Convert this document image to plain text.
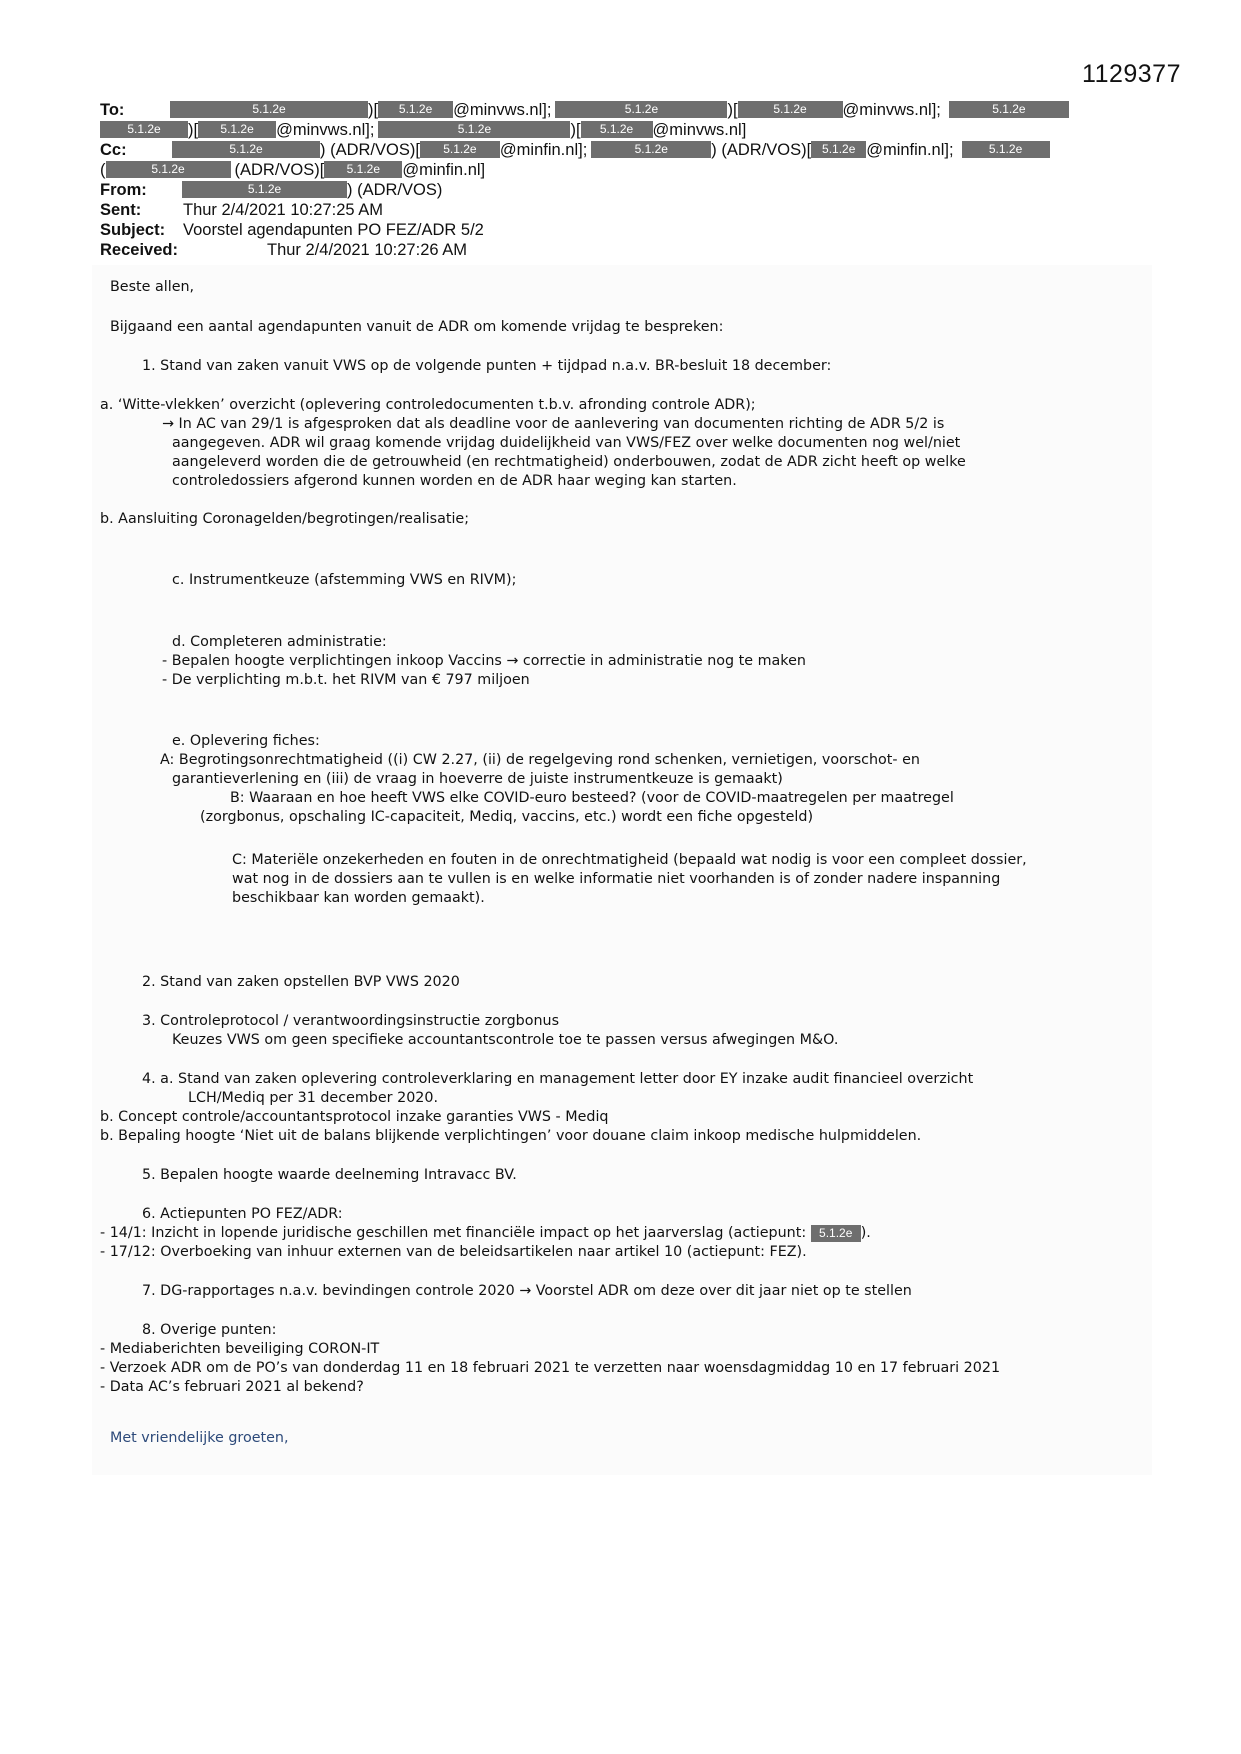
1129377
To:	5.1.2e	)[ 5.1.2e @minvws.nl];	5.1.2e	)[	5.1.2e @minvws.nl];	5.1.2e
5.1.2e )[ 5.1.2e @minvws.nl];	5.1.2e	)[ 5.1.2e @minvws.nl]
Cc:	5.1.2e	) (ADR/VOS)[ 5.1.2e @minfin.nl];	5.1.2e	) (ADR/VOS)[ 5.1.2e @minfin.nl];	5.1.2e
(	5.1.2e	(ADR/VOS)[ 5.1.2e @minfin.nl]
From:	5.1.2e	) (ADR/VOS)
Sent:	Thur 2/4/2021 10:27:25 AM
Subject: Voorstel agendapunten PO FEZ/ADR 5/2
Received:	Thur 2/4/2021 10:27:26 AM
Beste allen,
Bijgaand een aantal agendapunten vanuit de ADR om komende vrijdag te bespreken:
1. Stand van zaken vanuit VWS op de volgende punten + tijdpad n.a.v. BR-besluit 18 december:
a. ‘Witte-vlekken’ overzicht (oplevering controledocumenten t.b.v. afronding controle ADR);
→ In AC van 29/1 is afgesproken dat als deadline voor de aanlevering van documenten richting de ADR 5/2 is
aangegeven. ADR wil graag komende vrijdag duidelijkheid van VWS/FEZ over welke documenten nog wel/niet
aangeleverd worden die de getrouwheid (en rechtmatigheid) onderbouwen, zodat de ADR zicht heeft op welke
controledossiers afgerond kunnen worden en de ADR haar weging kan starten.
b. Aansluiting Coronagelden/begrotingen/realisatie;
c. Instrumentkeuze (afstemming VWS en RIVM);
d. Completeren administratie:
- Bepalen hoogte verplichtingen inkoop Vaccins → correctie in administratie nog te maken
- De verplichting m.b.t. het RIVM van € 797 miljoen
e. Oplevering fiches:
A: Begrotingsonrechtmatigheid ((i) CW 2.27, (ii) de regelgeving rond schenken, vernietigen, voorschot- en
garantieverlening en (iii) de vraag in hoeverre de juiste instrumentkeuze is gemaakt)
B: Waaraan en hoe heeft VWS elke COVID-euro besteed? (voor de COVID-maatregelen per maatregel
(zorgbonus, opschaling IC-capaciteit, Mediq, vaccins, etc.) wordt een fiche opgesteld)
C: Materiële onzekerheden en fouten in de onrechtmatigheid (bepaald wat nodig is voor een compleet dossier,
wat nog in de dossiers aan te vullen is en welke informatie niet voorhanden is of zonder nadere inspanning
beschikbaar kan worden gemaakt).
2. Stand van zaken opstellen BVP VWS 2020
3. Controleprotocol / verantwoordingsinstructie zorgbonus
Keuzes VWS om geen specifieke accountantscontrole toe te passen versus afwegingen M&O.
4. a. Stand van zaken oplevering controleverklaring en management letter door EY inzake audit financieel overzicht
LCH/Mediq per 31 december 2020.
b. Concept controle/accountantsprotocol inzake garanties VWS - Mediq
b. Bepaling hoogte ‘Niet uit de balans blijkende verplichtingen’ voor douane claim inkoop medische hulpmiddelen.
5. Bepalen hoogte waarde deelneming Intravacc BV.
6. Actiepunten PO FEZ/ADR:
- 14/1: Inzicht in lopende juridische geschillen met financiële impact op het jaarverslag (actiepunt: 5.1.2e ).
- 17/12: Overboeking van inhuur externen van de beleidsartikelen naar artikel 10 (actiepunt: FEZ).
7. DG-rapportages n.a.v. bevindingen controle 2020 → Voorstel ADR om deze over dit jaar niet op te stellen
8. Overige punten:
- Mediaberichten beveiliging CORON-IT
- Verzoek ADR om de PO’s van donderdag 11 en 18 februari 2021 te verzetten naar woensdagmiddag 10 en 17 februari 2021
- Data AC’s februari 2021 al bekend?
Met vriendelijke groeten,
